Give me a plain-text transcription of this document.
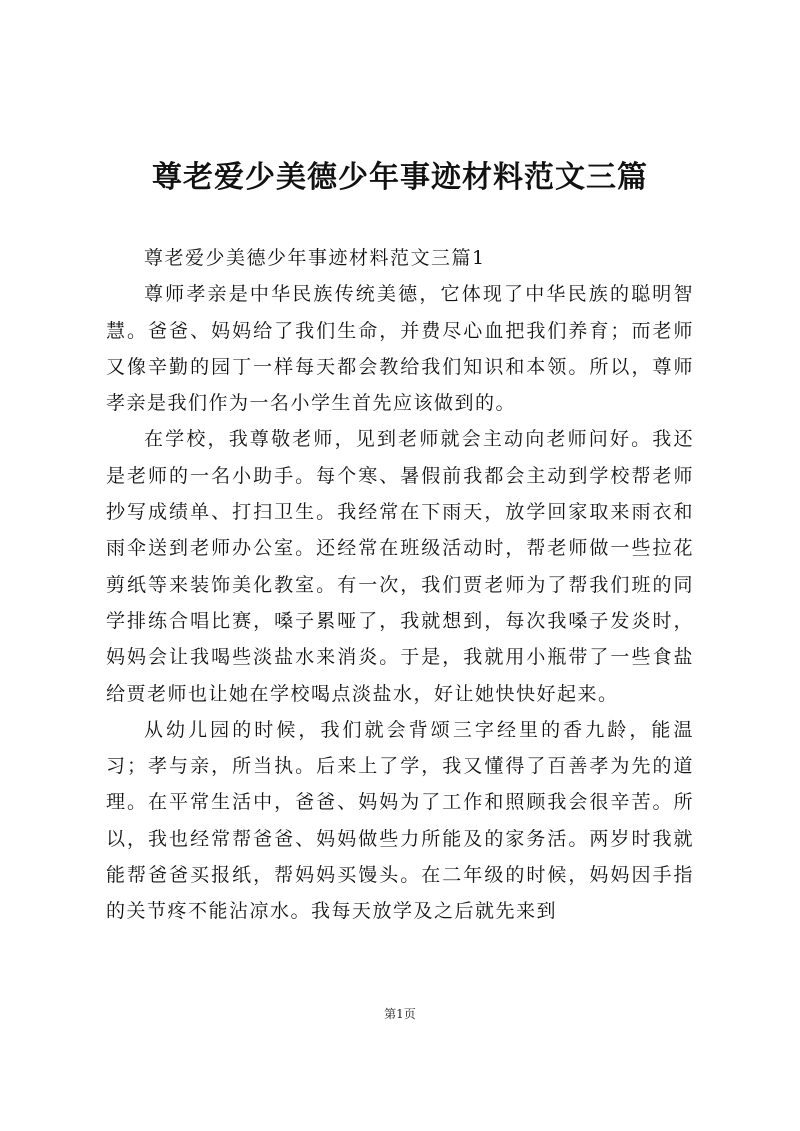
尊老爱少美德少年事迹材料范文三篇

尊老爱少美德少年事迹材料范文三篇1

尊师孝亲是中华民族传统美德，它体现了中华民族的聪明智慧。爸爸、妈妈给了我们生命，并费尽心血把我们养育；而老师又像辛勤的园丁一样每天都会教给我们知识和本领。所以，尊师孝亲是我们作为一名小学生首先应该做到的。

在学校，我尊敬老师，见到老师就会主动向老师问好。我还是老师的一名小助手。每个寒、暑假前我都会主动到学校帮老师抄写成绩单、打扫卫生。我经常在下雨天，放学回家取来雨衣和雨伞送到老师办公室。还经常在班级活动时，帮老师做一些拉花剪纸等来装饰美化教室。有一次，我们贾老师为了帮我们班的同学排练合唱比赛，嗓子累哑了，我就想到，每次我嗓子发炎时，妈妈会让我喝些淡盐水来消炎。于是，我就用小瓶带了一些食盐给贾老师也让她在学校喝点淡盐水，好让她快快好起来。

从幼儿园的时候，我们就会背颂三字经里的香九龄，能温习；孝与亲，所当执。后来上了学，我又懂得了百善孝为先的道理。在平常生活中，爸爸、妈妈为了工作和照顾我会很辛苦。所以，我也经常帮爸爸、妈妈做些力所能及的家务活。两岁时我就能帮爸爸买报纸，帮妈妈买馒头。在二年级的时候，妈妈因手指的关节疼不能沾凉水。我每天放学及之后就先来到

第1页
